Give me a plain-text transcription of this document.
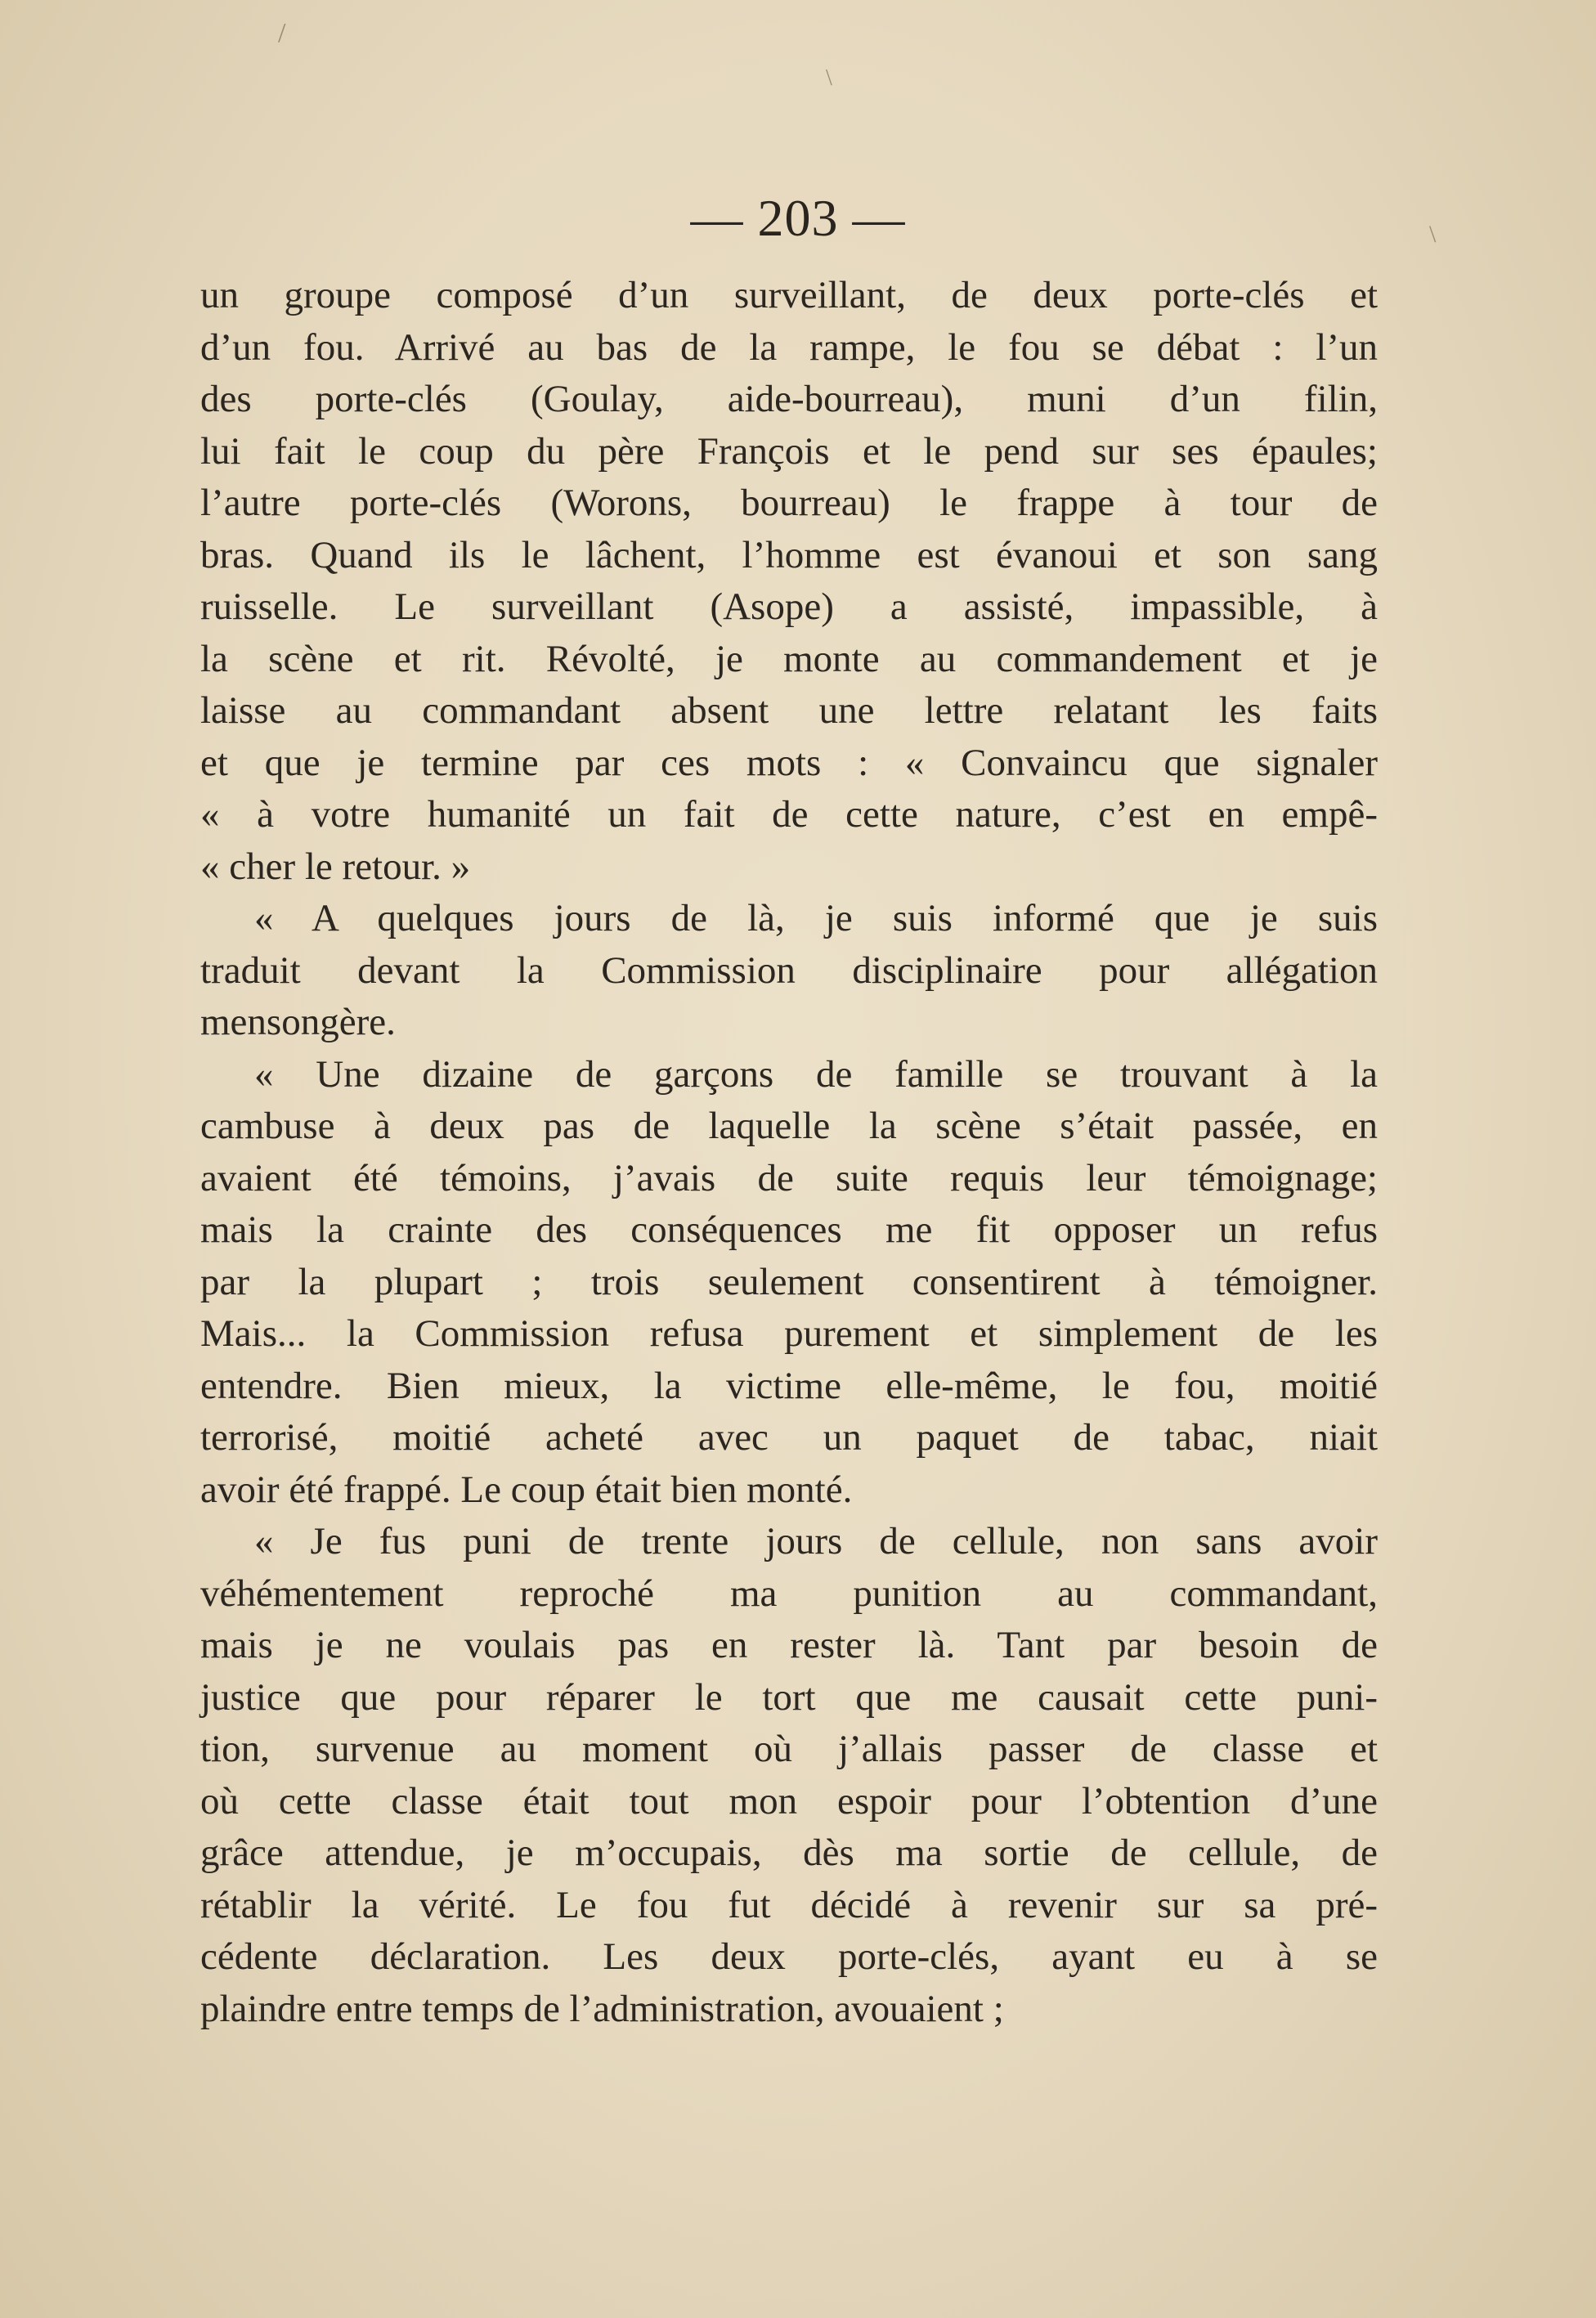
/
\
\
— 203 —
un groupe composé d’un surveillant, de deux porte-clés et
d’un fou. Arrivé au bas de la rampe, le fou se débat : l’un
des porte-clés (Goulay, aide-bourreau), muni d’un filin,
lui fait le coup du père François et le pend sur ses épaules;
l’autre porte-clés (Worons, bourreau) le frappe à tour de
bras. Quand ils le lâchent, l’homme est évanoui et son sang
ruisselle. Le surveillant (Asope) a assisté, impassible, à
la scène et rit. Révolté, je monte au commandement et je
laisse au commandant absent une lettre relatant les faits
et que je termine par ces mots : « Convaincu que signaler
« à votre humanité un fait de cette nature, c’est en empê-
« cher le retour. »
« A quelques jours de là, je suis informé que je suis
traduit devant la Commission disciplinaire pour allégation
mensongère.
« Une dizaine de garçons de famille se trouvant à la
cambuse à deux pas de laquelle la scène s’était passée, en
avaient été témoins, j’avais de suite requis leur témoignage;
mais la crainte des conséquences me fit opposer un refus
par la plupart ; trois seulement consentirent à témoigner.
Mais... la Commission refusa purement et simplement de les
entendre. Bien mieux, la victime elle-même, le fou, moitié
terrorisé, moitié acheté avec un paquet de tabac, niait
avoir été frappé. Le coup était bien monté.
« Je fus puni de trente jours de cellule, non sans avoir
véhémentement reproché ma punition au commandant,
mais je ne voulais pas en rester là. Tant par besoin de
justice que pour réparer le tort que me causait cette puni-
tion, survenue au moment où j’allais passer de classe et
où cette classe était tout mon espoir pour l’obtention d’une
grâce attendue, je m’occupais, dès ma sortie de cellule, de
rétablir la vérité. Le fou fut décidé à revenir sur sa pré-
cédente déclaration. Les deux porte-clés, ayant eu à se
plaindre entre temps de l’administration, avouaient ;
